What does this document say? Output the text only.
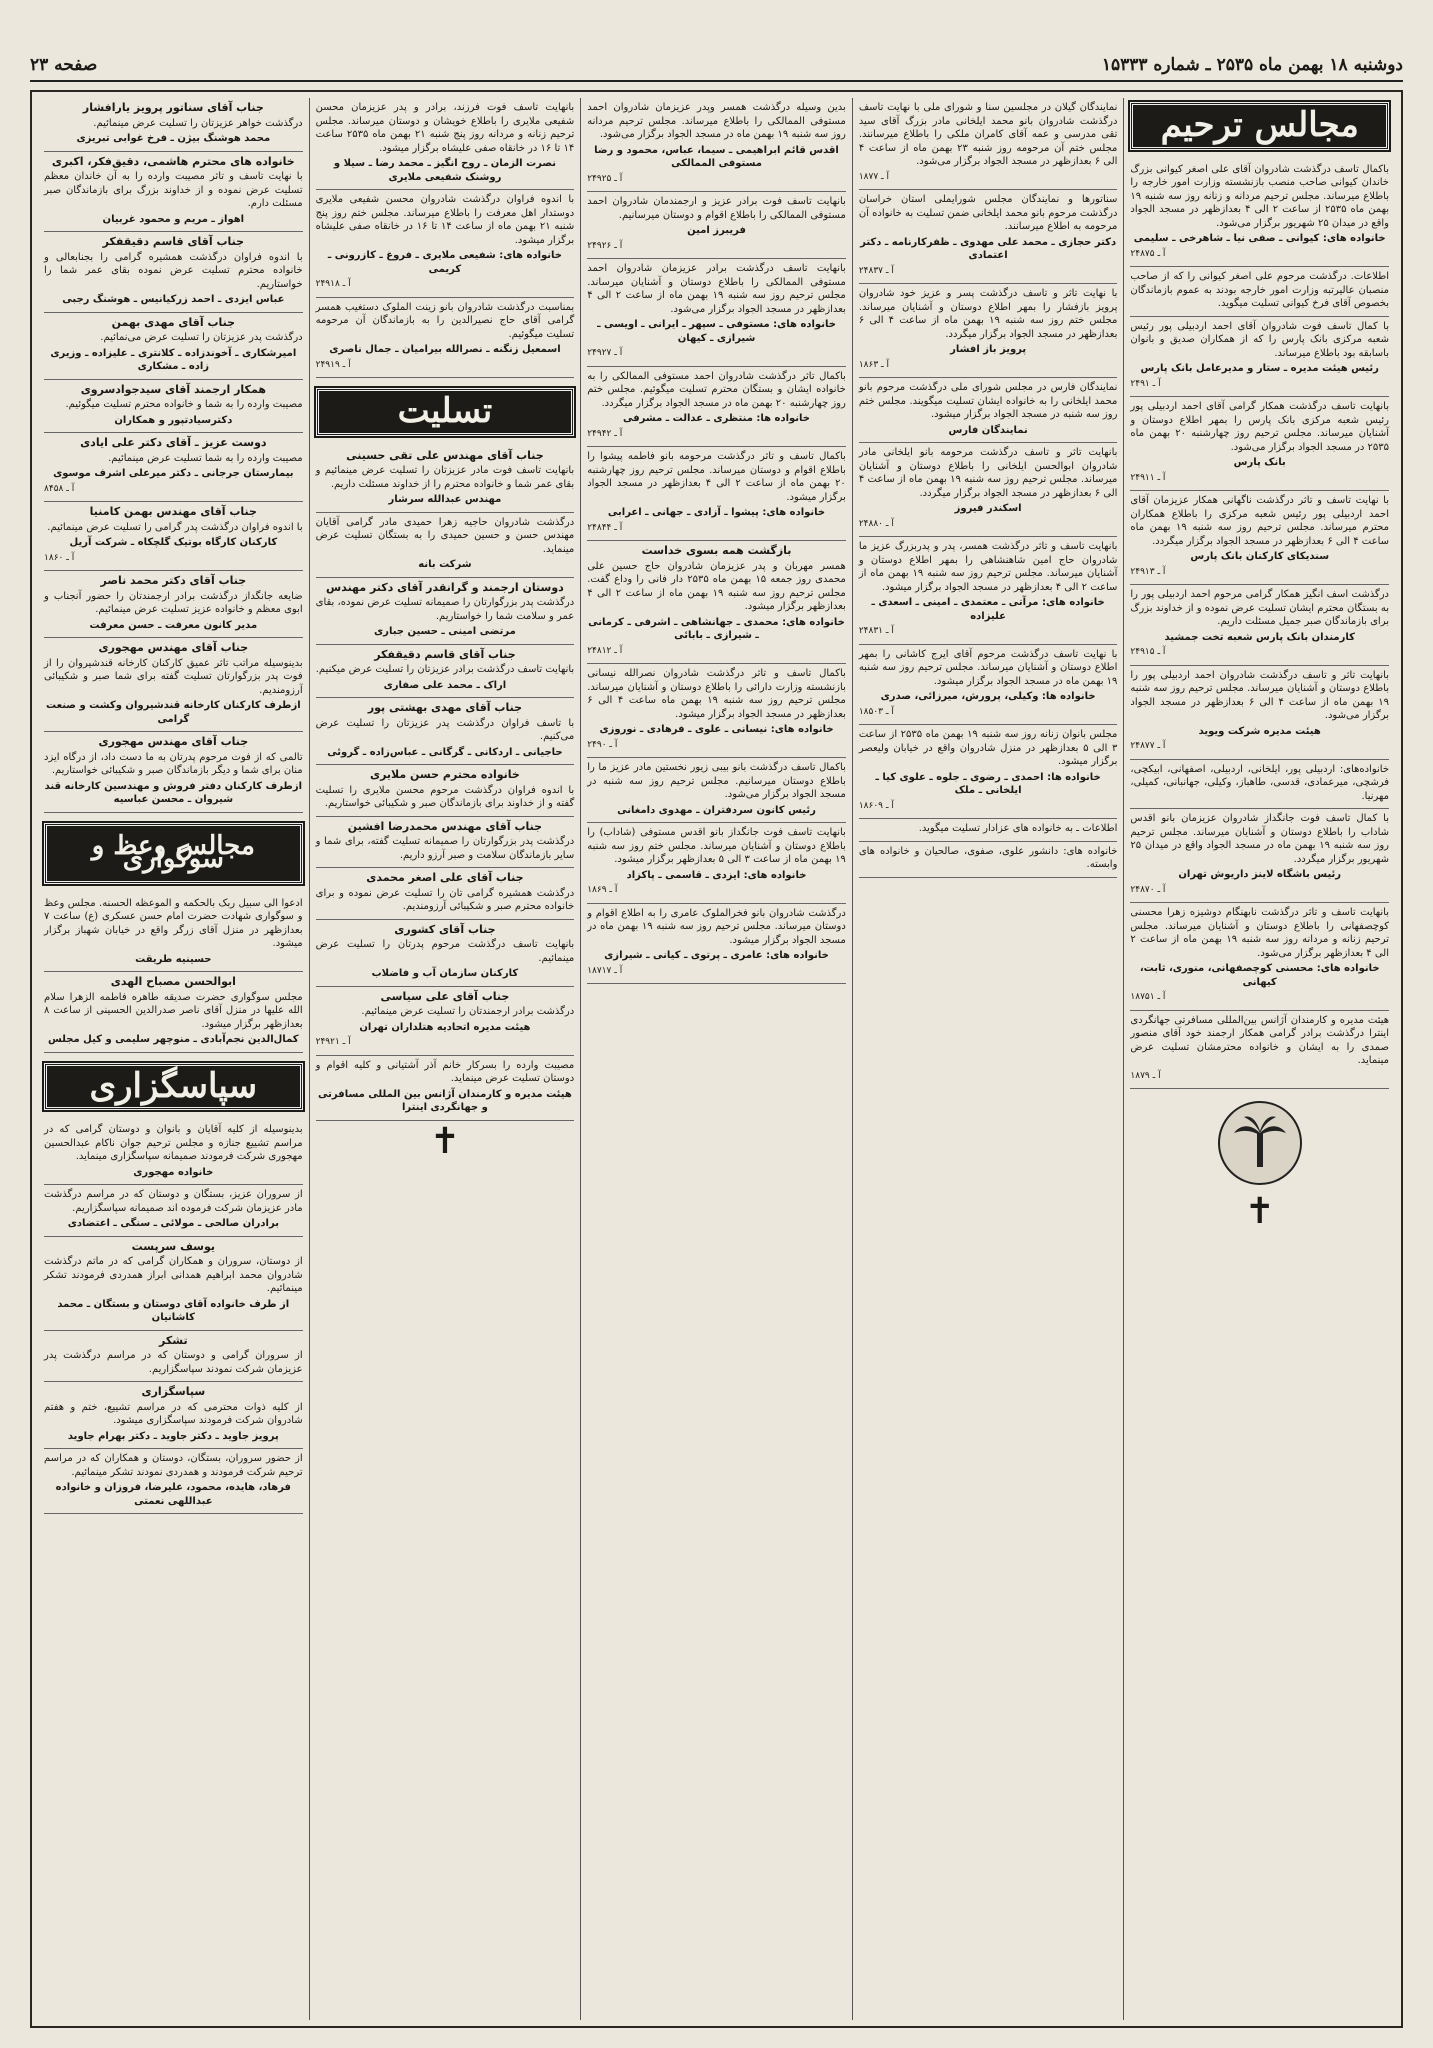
دوشنبه ۱۸ بهمن ماه ۲۵۳۵ ـ شماره ۱۵۳۳۳
صفحه ۲۳
مجالس ترحیم
باکمال تاسف درگذشت شادروان آقای علی اصغر کیوانی بزرگ خاندان کیوانی صاحب منصب بازنشسته وزارت امور خارجه را باطلاع میرساند. مجلس ترحیم مردانه و زنانه روز سه شنبه ۱۹ بهمن ماه ۲۵۳۵ از ساعت ۲ الی ۴ بعدازظهر در مسجد الجواد واقع در میدان ۲۵ شهریور برگزار می‌شود.
خانواده های: کیوانی ـ صفی نیا ـ شاهرخی ـ سلیمی
آ ـ ۲۴۸۷۵
اطلاعات. درگذشت مرحوم علی اصغر کیوانی را که از صاحب منصبان عالیرتبه وزارت امور خارجه بودند به عموم بازماندگان بخصوص آقای فرخ کیوانی تسلیت میگوید.
با کمال تاسف فوت شادروان آقای احمد اردبیلی پور رئیس شعبه مرکزی بانک پارس را که از همکاران صدیق و بانوان باسابقه بود باطلاع میرساند.
رئیس هیئت مدیره ـ ستار و مدیرعامل بانک پارس
آ ـ ۲۴۹۱
بانهایت تاسف درگذشت همکار گرامی آقای احمد اردبیلی پور رئیس شعبه مرکزی بانک پارس را بمهر اطلاع دوستان و آشنایان میرساند. مجلس ترحیم روز چهارشنبه ۲۰ بهمن ماه ۲۵۳۵ در مسجد الجواد برگزار می‌شود.
بانک پارس
آ ـ ۲۴۹۱۱
با نهایت تاسف و تاثر درگذشت ناگهانی همکار عزیزمان آقای احمد اردبیلی پور رئیس شعبه مرکزی را باطلاع همکاران محترم میرساند. مجلس ترحیم روز سه شنبه ۱۹ بهمن ماه ساعت ۴ الی ۶ بعدازظهر در مسجد الجواد برگزار میگردد.
سندیکای کارکنان بانک پارس
آ ـ ۲۴۹۱۳
درگذشت اسف انگیز همکار گرامی مرحوم احمد اردبیلی پور را به بستگان محترم ایشان تسلیت عرض نموده و از خداوند بزرگ برای بازماندگان صبر جمیل مسئلت داریم.
کارمندان بانک پارس شعبه تخت جمشید
آ ـ ۲۴۹۱۵
بانهایت تاثر و تاسف درگذشت شادروان احمد اردبیلی پور را باطلاع دوستان و آشنایان میرساند. مجلس ترحیم روز سه شنبه ۱۹ بهمن ماه از ساعت ۴ الی ۶ بعدازظهر در مسجد الجواد برگزار می‌شود.
هیئت مدیره شرکت ویوید
آ ـ ۲۴۸۷۷
خانواده‌های: اردبیلی پور، ایلخانی، اردبیلی، اصفهانی، ابیکچی، فرشچی، میرعمادی، قدسی، طاهباز، وکیلی، جهانبانی، کمیلی، مهرنیا.
با کمال تاسف فوت جانگداز شادروان عزیزمان بانو اقدس شاداب را باطلاع دوستان و آشنایان میرساند. مجلس ترحیم روز سه شنبه ۱۹ بهمن ماه در مسجد الجواد واقع در میدان ۲۵ شهریور برگزار میگردد.
رئیس باشگاه لاینز داریوش تهران
آ ـ ۲۴۸۷۰
بانهایت تاسف و تاثر درگذشت نابهنگام دوشیزه زهرا محسنی کوچصفهانی را باطلاع دوستان و آشنایان میرساند. مجلس ترحیم زنانه و مردانه روز سه شنبه ۱۹ بهمن ماه از ساعت ۲ الی ۴ بعدازظهر برگزار می‌شود.
خانواده های: محسنی کوچصفهانی، منوری، ثابت، کیهانی
آ ـ ۱۸۷۵۱
هیئت مدیره و کارمندان آژانس بین‌المللی مسافرتی جهانگردی اینترا درگذشت برادر گرامی همکار ارجمند خود آقای منصور صمدی را به ایشان و خانواده محترمشان تسلیت عرض مینماید.
آ ـ ۱۸۷۹
✝
نمایندگان گیلان در مجلسین سنا و شورای ملی با نهایت تاسف درگذشت شادروان بانو محمد ایلخانی مادر بزرگ آقای سید تقی مدرسی و عمه آقای کامران ملکی را باطلاع میرسانند. مجلس ختم آن مرحومه روز شنبه ۲۳ بهمن ماه از ساعت ۴ الی ۶ بعدازظهر در مسجد الجواد برگزار می‌شود.
آ ـ ۱۸۷۷
سناتورها و نمایندگان مجلس شورایملی استان خراسان درگذشت مرحوم بانو محمد ایلخانی ضمن تسلیت به خانواده آن مرحومه به اطلاع میرسانند.
دکتر حجازی ـ محمد علی مهدوی ـ ظفرکارنامه ـ دکتر اعتمادی
آ ـ ۲۴۸۳۷
با نهایت تاثر و تاسف درگذشت پسر و عزیز خود شادروان پرویز بازفشار را بمهر اطلاع دوستان و آشنایان میرساند. مجلس ختم روز سه شنبه ۱۹ بهمن ماه از ساعت ۴ الی ۶ بعدازظهر در مسجد الجواد برگزار میگردد.
پرویز باز افشار
آ ـ ۱۸۶۳
نمایندگان فارس در مجلس شورای ملی درگذشت مرحوم بانو محمد ایلخانی را به خانواده ایشان تسلیت میگویند. مجلس ختم روز سه شنبه در مسجد الجواد برگزار میشود.
نمایندگان فارس
بانهایت تاثر و تاسف درگذشت مرحومه بانو ایلخانی مادر شادروان ابوالحسن ایلخانی را باطلاع دوستان و آشنایان میرساند. مجلس ترحیم روز سه شنبه ۱۹ بهمن ماه از ساعت ۴ الی ۶ بعدازظهر در مسجد الجواد برگزار میگردد.
اسکندر فیروز
آ ـ ۲۴۸۸۰
بانهایت تاسف و تاثر درگذشت همسر، پدر و پدربزرگ عزیز ما شادروان حاج امین شاهنشاهی را بمهر اطلاع دوستان و آشنایان میرساند. مجلس ترحیم روز سه شنبه ۱۹ بهمن ماه از ساعت ۲ الی ۴ بعدازظهر در مسجد الجواد برگزار میشود.
خانواده های: مرآتی ـ معتمدی ـ امینی ـ اسعدی ـ علیزاده
آ ـ ۲۴۸۳۱
با نهایت تاسف درگذشت مرحوم آقای ایرج کاشانی را بمهر اطلاع دوستان و آشنایان میرساند. مجلس ترحیم روز سه شنبه ۱۹ بهمن ماه در مسجد الجواد برگزار میشود.
خانواده ها: وکیلی، پرورش، میرزائی، صدری
آ ـ ۱۸۵۰۳
مجلس بانوان زنانه روز سه شنبه ۱۹ بهمن ماه ۲۵۳۵ از ساعت ۳ الی ۵ بعدازظهر در منزل شادروان واقع در خیابان ولیعصر برگزار میشود.
خانواده ها: احمدی ـ رضوی ـ جلوه ـ علوی کیا ـ ایلخانی ـ ملک
آ ـ ۱۸۶۰۹
اطلاعات ـ به خانواده های عزادار تسلیت میگوید.
خانواده های: دانشور علوی، صفوی، صالحیان و خانواده های وابسته.
بدین وسیله درگذشت همسر وپدر عزیزمان شادروان احمد مستوفی الممالکی را باطلاع میرساند. مجلس ترحیم مردانه روز سه شنبه ۱۹ بهمن ماه در مسجد الجواد برگزار می‌شود.
اقدس قائم ابراهیمی ـ سیما، عباس، محمود و رضا مستوفی الممالکی
آ ـ ۲۴۹۲۵
بانهایت تاسف فوت برادر عزیز و ارجمندمان شادروان احمد مستوفی الممالکی را باطلاع اقوام و دوستان میرسانیم.
فریبرز امین
آ ـ ۲۴۹۲۶
بانهایت تاسف درگذشت برادر عزیزمان شادروان احمد مستوفی الممالکی را باطلاع دوستان و آشنایان میرساند. مجلس ترحیم روز سه شنبه ۱۹ بهمن ماه از ساعت ۲ الی ۴ بعدازظهر در مسجد الجواد برگزار می‌شود.
خانواده های: مستوفی ـ سپهر ـ ایرانی ـ اویسی ـ شیرازی ـ کیهان
آ ـ ۲۴۹۲۷
باکمال تاثر درگذشت شادروان احمد مستوفی الممالکی را به خانواده ایشان و بستگان محترم تسلیت میگوئیم. مجلس ختم روز چهارشنبه ۲۰ بهمن ماه در مسجد الجواد برگزار میگردد.
خانواده ها: منتظری ـ عدالت ـ مشرفی
آ ـ ۲۴۹۴۲
باکمال تاسف و تاثر درگذشت مرحومه بانو فاطمه پیشوا را باطلاع اقوام و دوستان میرساند. مجلس ترحیم روز چهارشنبه ۲۰ بهمن ماه از ساعت ۲ الی ۴ بعدازظهر در مسجد الجواد برگزار میشود.
خانواده های: پیشوا ـ آزادی ـ جهانی ـ اعرابی
آ ـ ۲۴۸۴۴
بازگشت همه بسوی خداست
همسر مهربان و پدر عزیزمان شادروان حاج حسین علی محمدی روز جمعه ۱۵ بهمن ماه ۲۵۳۵ دار فانی را وداع گفت. مجلس ترحیم روز سه شنبه ۱۹ بهمن ماه از ساعت ۲ الی ۴ بعدازظهر برگزار میشود.
خانواده های: محمدی ـ جهانشاهی ـ اشرفی ـ کرمانی ـ شیرازی ـ بابائی
آ ـ ۲۴۸۱۲
باکمال تاسف و تاثر درگذشت شادروان نصرالله نیسانی بازنشسته وزارت دارائی را باطلاع دوستان و آشنایان میرساند. مجلس ترحیم روز سه شنبه ۱۹ بهمن ماه ساعت ۴ الی ۶ بعدازظهر در مسجد الجواد برگزار میشود.
خانواده های: نیسانی ـ علوی ـ فرهادی ـ نوروزی
آ ـ ۲۴۹۰
باکمال تاسف درگذشت بانو بیبی زیور نخستین مادر عزیز ما را باطلاع دوستان میرسانیم. مجلس ترحیم روز سه شنبه در مسجد الجواد برگزار می‌شود.
رئیس کانون سردفتران ـ مهدوی دامغانی
بانهایت تاسف فوت جانگداز بانو اقدس مستوفی (شاداب) را باطلاع دوستان و آشنایان میرساند. مجلس ختم روز سه شنبه ۱۹ بهمن ماه از ساعت ۳ الی ۵ بعدازظهر برگزار میشود.
خانواده های: ایزدی ـ قاسمی ـ پاکزاد
آ ـ ۱۸۶۹
درگذشت شادروان بانو فخرالملوک عامری را به اطلاع اقوام و دوستان میرساند. مجلس ترحیم روز سه شنبه ۱۹ بهمن ماه در مسجد الجواد برگزار میشود.
خانواده های: عامری ـ پرتوی ـ کیانی ـ شیرازی
آ ـ ۱۸۷۱۷
بانهایت تاسف فوت فرزند، برادر و پدر عزیزمان محسن شفیعی ملایری را باطلاع خویشان و دوستان میرساند. مجلس ترحیم زنانه و مردانه روز پنج شنبه ۲۱ بهمن ماه ۲۵۳۵ ساعت ۱۴ تا ۱۶ در خانقاه صفی علیشاه برگزار میشود.
نصرت الزمان ـ روح انگیز ـ محمد رضا ـ سیلا و روشنک شفیعی ملایری
با اندوه فراوان درگذشت شادروان محسن شفیعی ملایری دوستدار اهل معرفت را باطلاع میرساند. مجلس ختم روز پنج شنبه ۲۱ بهمن ماه از ساعت ۱۴ تا ۱۶ در خانقاه صفی علیشاه برگزار میشود.
خانواده های: شفیعی ملایری ـ فروغ ـ کازرونی ـ کریمی
آ ـ ۲۴۹۱۸
بمناسبت درگذشت شادروان بانو زینت الملوک دستغیب همسر گرامی آقای حاج نصیرالدین را به بازماندگان آن مرحومه تسلیت میگوئیم.
اسمعیل زنگنه ـ نصرالله بیرامیان ـ جمال ناصری
آ ـ ۲۴۹۱۹
تسلیت
جناب آقای مهندس علی تقی حسینی
بانهایت تاسف فوت مادر عزیزتان را تسلیت عرض مینمائیم و بقای عمر شما و خانواده محترم را از خداوند مسئلت داریم.
مهندس عبدالله سرشار
درگذشت شادروان حاجیه زهرا حمیدی مادر گرامی آقایان مهندس حسن و حسین حمیدی را به بستگان تسلیت عرض مینماید.
شرکت بانه
دوستان ارجمند و گرانقدر آقای دکتر مهندس
درگذشت پدر بزرگوارتان را صمیمانه تسلیت عرض نموده، بقای عمر و سلامت شما را خواستاریم.
مرتضی امینی ـ حسین جباری
جناب آقای قاسم دقیقفکر
بانهایت تاسف درگذشت برادر عزیزتان را تسلیت عرض میکنیم.
اراک ـ محمد علی صفاری
جناب آقای مهدی بهشتی پور
با تاسف فراوان درگذشت پدر عزیزتان را تسلیت عرض می‌کنیم.
حاجیانی ـ اردکانی ـ گرگانی ـ عباس‌زاده ـ گروئی
خانواده محترم حسن ملایری
با اندوه فراوان درگذشت مرحوم محسن ملایری را تسلیت گفته و از خداوند برای بازماندگان صبر و شکیبائی خواستاریم.
جناب آقای مهندس محمدرضا افشین
درگذشت پدر بزرگوارتان را صمیمانه تسلیت گفته، برای شما و سایر بازماندگان سلامت و صبر آرزو داریم.
جناب آقای علی اصغر محمدی
درگذشت همشیره گرامی تان را تسلیت عرض نموده و برای خانواده محترم صبر و شکیبائی آرزومندیم.
جناب آقای کشوری
بانهایت تاسف درگذشت مرحوم پدرتان را تسلیت عرض مینمائیم.
کارکنان سازمان آب و فاضلاب
جناب آقای علی سیاسی
درگذشت برادر ارجمندتان را تسلیت عرض مینمائیم.
هیئت مدیره اتحادیه هتلداران تهران
آ ـ ۲۴۹۲۱
مصیبت وارده را بسرکار خانم آذر آشتیانی و کلیه اقوام و دوستان تسلیت عرض مینماید.
هیئت مدیره و کارمندان آژانس بین المللی مسافرتی و جهانگردی اینترا
✝
جناب آقای سناتور پرویز یارافشار
درگذشت خواهر عزیزتان را تسلیت عرض مینمائیم.
محمد هوشنگ بیژن ـ فرخ غوابی تبریزی
خانواده های محترم هاشمی، دقیق‌فکر، اکبری
با نهایت تاسف و تاثر مصیبت وارده را به آن خاندان معظم تسلیت عرض نموده و از خداوند بزرگ برای بازماندگان صبر مسئلت دارم.
اهواز ـ مریم و محمود غربیان
جناب آقای قاسم دقیقفکر
با اندوه فراوان درگذشت همشیره گرامی را بجنابعالی و خانواده محترم تسلیت عرض نموده بقای عمر شما را خواستاریم.
عباس ایزدی ـ احمد زرکیانیس ـ هوشنگ رجبی
جناب آقای مهدی بهمن
درگذشت پدر عزیزتان را تسلیت عرض می‌نمائیم.
امیرشکاری ـ آخوندزاده ـ کلانتری ـ علیزاده ـ وزیری زاده ـ مشکاری
همکار ارجمند آقای سیدجوادسروی
مصیبت وارده را به شما و خانواده محترم تسلیت میگوئیم.
دکترسیادتپور و همکاران
دوست عزیز ـ آقای دکتر علی ایادی
مصیبت وارده را به شما تسلیت عرض مینمائیم.
بیمارستان جرجانی ـ دکتر میرعلی اشرف موسوی
آ ـ ۸۴۵۸
جناب آقای مهندس بهمن کامنیا
با اندوه فراوان درگذشت پدر گرامی را تسلیت عرض مینمائیم.
کارکنان کارگاه بوتیک گلچکاه ـ شرکت آریل
آ ـ ۱۸۶۰
جناب آقای دکتر محمد ناصر
ضایعه جانگداز درگذشت برادر ارجمندتان را حضور آنجناب و ابوی معظم و خانواده عزیز تسلیت عرض مینمائیم.
مدیر کانون معرفت ـ حسن معرفت
جناب آقای مهندس مهجوری
بدینوسیله مراتب تاثر عمیق کارکنان کارخانه قندشیروان را از فوت پدر بزرگوارتان تسلیت گفته برای شما صبر و شکیبائی آرزومندیم.
ازطرف کارکنان کارخانه قندشیروان وکشت و صنعت گرامی
جناب آقای مهندس مهجوری
تالمی که از فوت مرحوم پدرتان به ما دست داد، از درگاه ایزد منان برای شما و دیگر بازماندگان صبر و شکیبائی خواستاریم.
ازطرف کارکنان دفتر فروش و مهندسین کارخانه قند شیروان ـ محسن عباسیه
مجالس وعظ و سوگواری
ادعوا الی سبیل ربک بالحکمه و الموعظه الحسنه. مجلس وعظ و سوگواری شهادت حضرت امام حسن عسکری (ع) ساعت ۷ بعدازظهر در منزل آقای زرگر واقع در خیابان شهباز برگزار میشود.
حسینیه طریقت
ابوالحسن مصباح الهدی
مجلس سوگواری حضرت صدیقه طاهره فاطمه الزهرا سلام الله علیها در منزل آقای ناصر صدرالدین الحسینی از ساعت ۸ بعدازظهر برگزار میشود.
کمال‌الدین نجم‌آبادی ـ منوچهر سلیمی و کیل مجلس
سپاسگزاری
بدینوسیله از کلیه آقایان و بانوان و دوستان گرامی که در مراسم تشییع جنازه و مجلس ترحیم جوان ناکام عبدالحسین مهجوری شرکت فرمودند صمیمانه سپاسگزاری مینماید.
خانواده مهجوری
از سروران عزیز، بستگان و دوستان که در مراسم درگذشت مادر عزیزمان شرکت فرموده اند صمیمانه سپاسگزاریم.
برادران صالحی ـ مولائی ـ سنگی ـ اعتضادی
یوسف سرپست
از دوستان، سروران و همکاران گرامی که در ماتم درگذشت شادروان محمد ابراهیم همدانی ابراز همدردی فرمودند تشکر مینمائیم.
از طرف خانواده آقای دوستان و بستگان ـ محمد کاشانیان
تشکر
از سروران گرامی و دوستان که در مراسم درگذشت پدر عزیزمان شرکت نمودند سپاسگزاریم.
سپاسگزاری
از کلیه ذوات محترمی که در مراسم تشییع، ختم و هفتم شادروان شرکت فرمودند سپاسگزاری میشود.
پرویز جاوید ـ دکتر جاوید ـ دکتر بهرام جاوید
از حضور سروران، بستگان، دوستان و همکاران که در مراسم ترحیم شرکت فرمودند و همدردی نمودند تشکر مینمائیم.
فرهاد، هایده، محمود، علیرضا، فروزان و خانواده عبداللهی نعمتی
